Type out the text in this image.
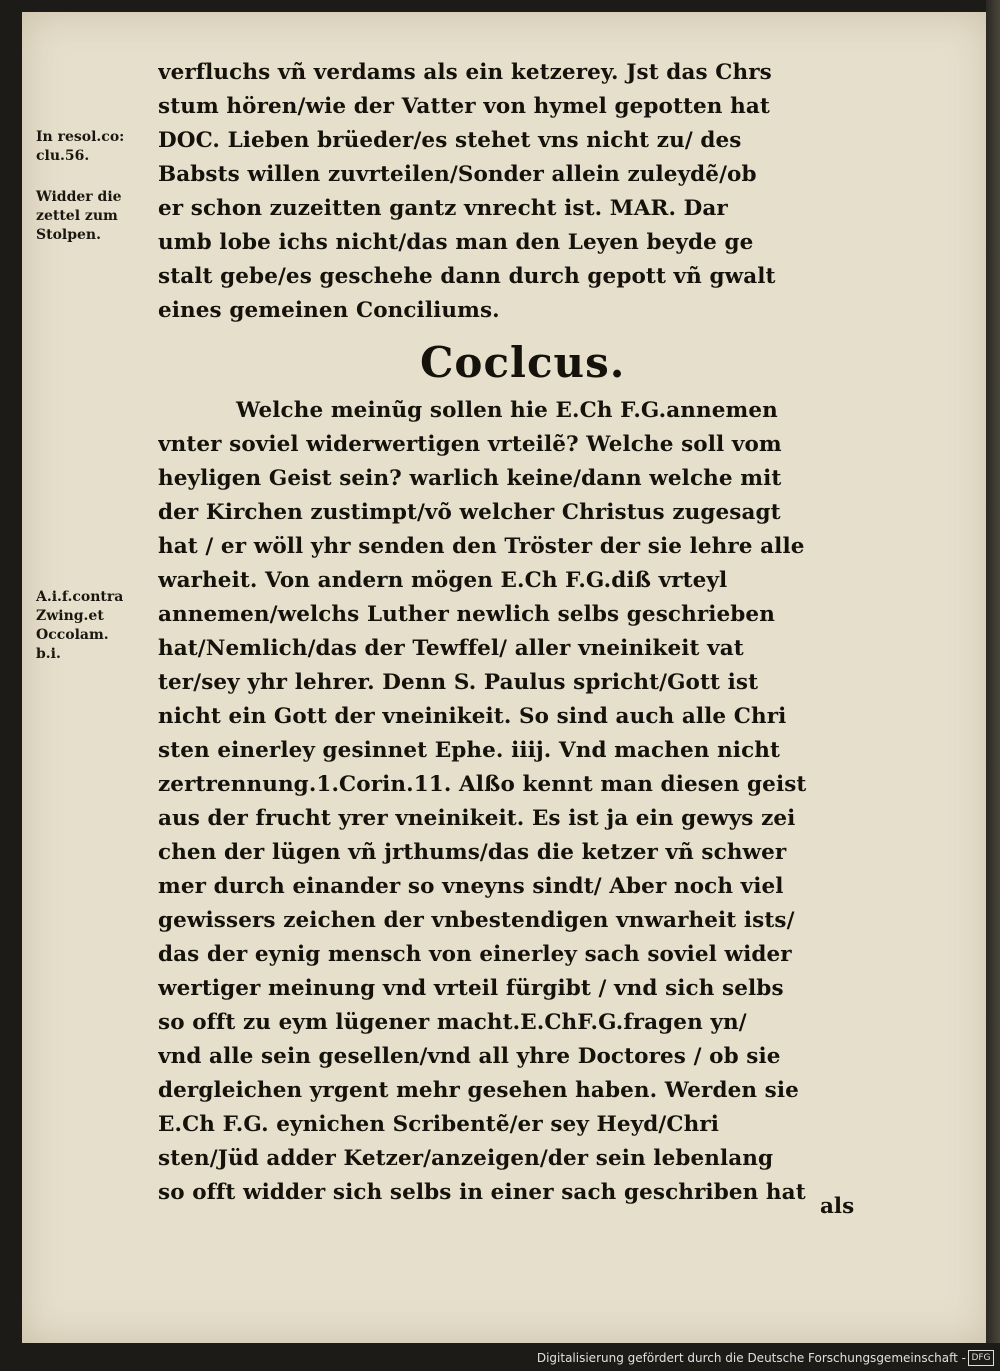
In resol.co:
clu.56.
Widder die
zettel zum
Stolpen.
A.i.f.contra
Zwing.et
Occolam.
b.i.
verfluchs vñ verdams als ein ketzerey. Jst das Chrs
stum hören/wie der Vatter von hymel gepotten hat
DOC. Lieben brüeder/es stehet vns nicht zu/ des
Babsts willen zuvrteilen/Sonder allein zuleydẽ/ob
er schon zuzeitten gantz vnrecht ist. MAR. Dar
umb lobe ichs nicht/das man den Leyen beyde ge
stalt gebe/es geschehe dann durch gepott vñ gwalt
eines gemeinen Conciliums.
Coclcus.
Welche meinũg sollen hie E.Ch F.G.annemen
vnter soviel widerwertigen vrteilẽ? Welche soll vom
heyligen Geist sein? warlich keine/dann welche mit
der Kirchen zustimpt/võ welcher Christus zugesagt
hat / er wöll yhr senden den Tröster der sie lehre alle
warheit. Von andern mögen E.Ch F.G.diß vrteyl
annemen/welchs Luther newlich selbs geschrieben
hat/Nemlich/das der Tewffel/ aller vneinikeit vat
ter/sey yhr lehrer. Denn S. Paulus spricht/Gott ist
nicht ein Gott der vneinikeit. So sind auch alle Chri
sten einerley gesinnet Ephe. iiij. Vnd machen nicht
zertrennung.1.Corin.11. Alßo kennt man diesen geist
aus der frucht yrer vneinikeit. Es ist ja ein gewys zei
chen der lügen vñ jrthums/das die ketzer vñ schwer
mer durch einander so vneyns sindt/ Aber noch viel
gewissers zeichen der vnbestendigen vnwarheit ists/
das der eynig mensch von einerley sach soviel wider
wertiger meinung vnd vrteil fürgibt / vnd sich selbs
so offt zu eym lügener macht.E.ChF.G.fragen yn/
vnd alle sein gesellen/vnd all yhre Doctores / ob sie
dergleichen yrgent mehr gesehen haben. Werden sie
E.Ch F.G. eynichen Scribentẽ/er sey Heyd/Chri
sten/Jüd adder Ketzer/anzeigen/der sein lebenlang
so offt widder sich selbs in einer sach geschriben hat
als
Digitalisierung gefördert durch die Deutsche Forschungsgemeinschaft - DFG
